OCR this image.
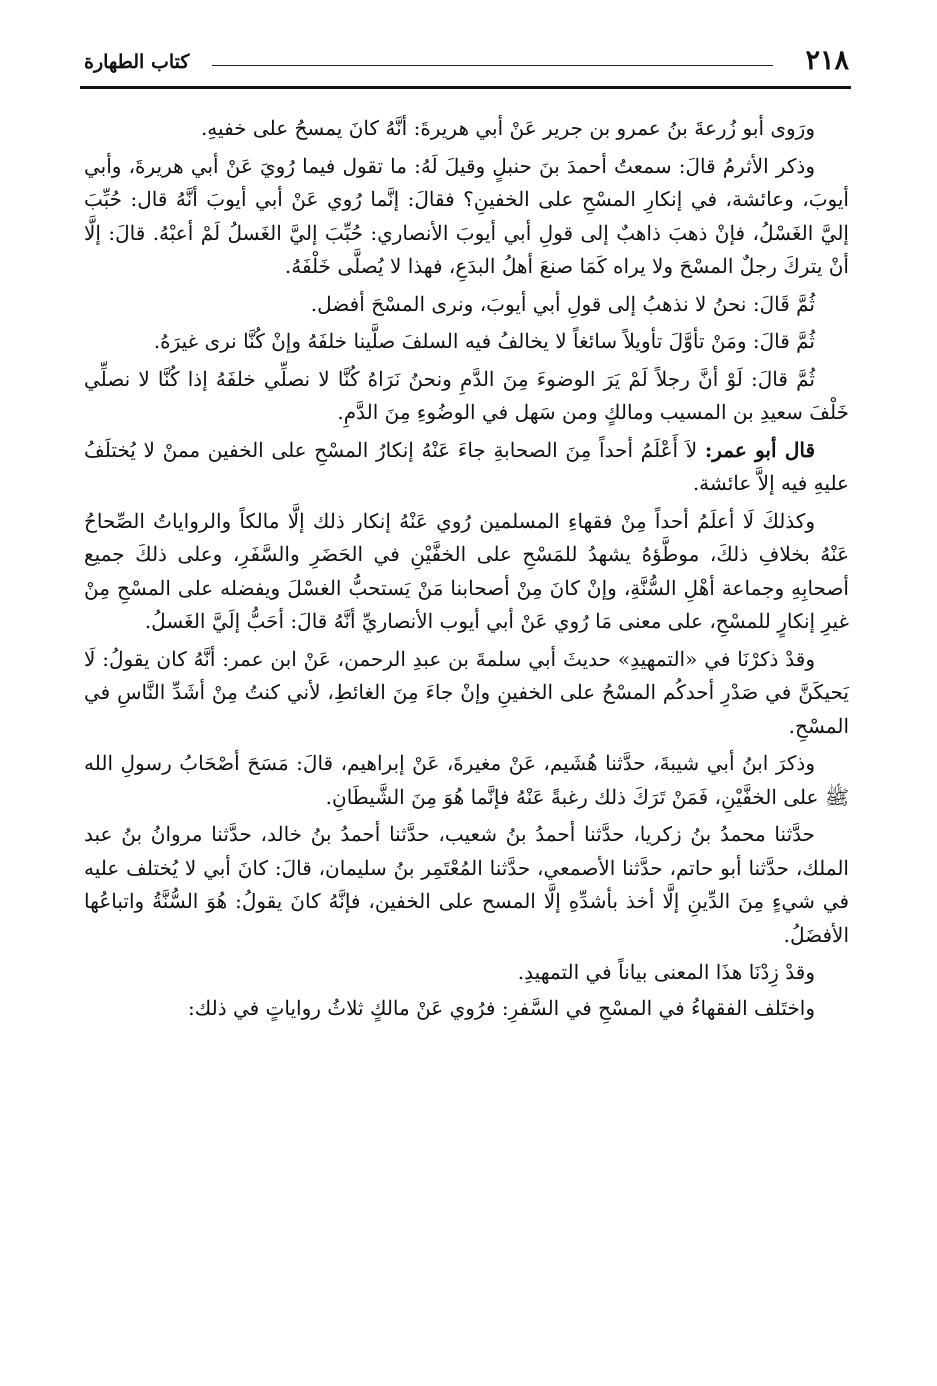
٢١٨
كتاب الطهارة

ورَوى أبو زُرعةَ بنُ عمرو بن جرير عَنْ أبي هريرةَ: أنَّهُ كانَ يمسحُ على خفيهِ.

وذكر الأثرمُ قالَ: سمعتُ أحمدَ بنَ حنبلٍ وقيلَ لَهُ: ما تقول فيما رُويَ عَنْ أبي هريرةَ، وأبي أيوبَ، وعائشة، في إنكارِ المسْحِ على الخفينِ؟ فقالَ: إنَّما رُوي عَنْ أبي أيوبَ أنَّهُ قال: حُبِّبَ إليَّ الغَسْلُ، فإنْ ذهبَ ذاهبٌ إلى قولِ أبي أيوبَ الأنصاري: حُبِّبَ إليَّ الغَسلُ لَمْ أعبْهُ. قالَ: إلَّا أنْ يتركَ رجلٌ المسْحَ ولا يراه كَمَا صنعَ أهلُ البدَعِ، فهذا لا يُصلَّى خَلْفَهُ.

ثُمَّ قَالَ: نحنُ لا نذهبُ إلى قولِ أبي أيوبَ، ونرى المسْحَ أفضل.

ثُمَّ قالَ: ومَنْ تأوَّلَ تأويلاً سائغاً لا يخالفُ فيه السلفَ صلَّينا خلفَهُ وإنْ كُنَّا نرى غيرَهُ.

ثُمَّ قالَ: لَوْ أنَّ رجلاً لَمْ يَرَ الوضوءَ مِنَ الدَّمِ ونحنُ نَرَاهُ كُنَّا لا نصلِّي خلفَهُ إذا كُنَّا لا نصلِّي خَلْفَ سعيدِ بن المسيب ومالكٍ ومن سَهل في الوضُوءِ مِنَ الدَّمِ.

قال أبو عمر: لاَ أَعْلَمُ أحداً مِنَ الصحابةِ جاءَ عَنْهُ إنكارُ المسْحِ على الخفين ممنْ لا يُختلَفُ عليهِ فيه إلاَّ عائشة.

وكذلكَ لَا أعلَمُ أحداً مِنْ فقهاءِ المسلمين رُوي عَنْهُ إنكار ذلك إلَّا مالكاً والرواياتُ الصِّحاحُ عَنْهُ بخلافِ ذلكَ، موطَّؤهُ يشهدُ للمَسْحِ على الخفَّيْنِ في الحَضَرِ والسَّفَرِ، وعلى ذلكَ جميع أصحابِهِ وجماعة أهْلِ السُّنَّةِ، وإنْ كانَ مِنْ أصحابنا مَنْ يَستحبُّ الغسْلَ ويفضله على المسْحِ مِنْ غيرِ إنكارٍ للمسْحِ، على معنى مَا رُوي عَنْ أبي أيوب الأنصاريِّ أنَّهُ قالَ: أحَبُّ إلَيَّ الغَسلُ.

وقدْ ذكرْنَا في «التمهيدِ» حديثَ أبي سلمةَ بن عبدِ الرحمن، عَنْ ابن عمر: أنَّهُ كان يقولُ: لَا يَحيكَنَّ في صَدْرِ أحدكُم المسْحُ على الخفينِ وإنْ جاءَ مِنَ الغائطِ، لأني كنتُ مِنْ أشَدِّ النَّاسِ في المسْحِ.

وذكرَ ابنُ أبي شيبةَ، حدَّثنا هُشَيم، عَنْ مغيرةَ، عَنْ إبراهيم، قالَ: مَسَحَ أصْحَابُ رسولِ الله ﷺ على الخفَّيْنِ، فَمَنْ تَرَكَ ذلك رغبةً عَنْهُ فإنَّما هُوَ مِنَ الشَّيطَانِ.

حدَّثنا محمدُ بنُ زكريا، حدَّثنا أحمدُ بنُ شعيب، حدَّثنا أحمدُ بنُ خالد، حدَّثنا مروانُ بنُ عبد الملك، حدَّثنا أبو حاتم، حدَّثنا الأصمعي، حدَّثنا المُعْتَمِر بنُ سليمان، قالَ: كانَ أبي لا يُختلف عليه في شيءٍ مِنَ الدِّينِ إلَّا أخذ بأشدِّهِ إلَّا المسح على الخفين، فإنَّهُ كانَ يقولُ: هُوَ السُّنَّةُ واتباعُها الأفضَلُ.

وقدْ زِدْنَا هذَا المعنى بياناً في التمهيدِ.

واختَلف الفقهاءُ في المسْحِ في السَّفرِ: فرُوي عَنْ مالكٍ ثلاثُ رواياتٍ في ذلك:
